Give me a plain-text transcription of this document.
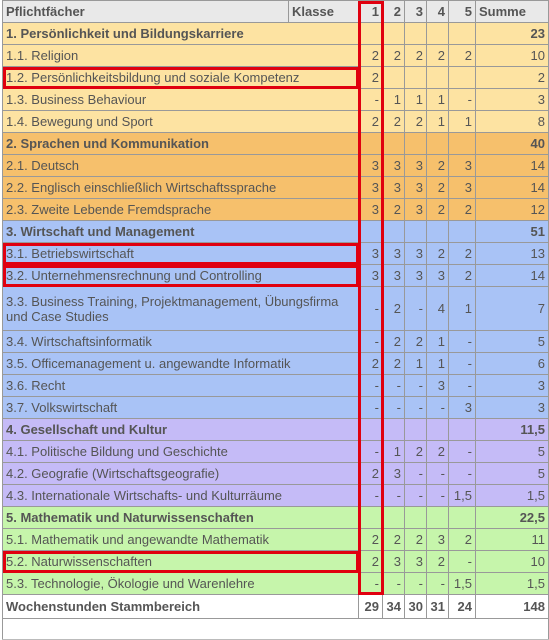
Pflichtfächer	Klasse	1	2	3	4	5	Summe
1. Persönlichkeit und Bildungskarriere							23
1.1. Religion		2	2	2	2	2	10
1.2. Persönlichkeitsbildung und soziale Kompetenz		2					2
1.3. Business Behaviour		-	1	1	1	-	3
1.4. Bewegung und Sport		2	2	2	1	1	8
2. Sprachen und Kommunikation							40
2.1. Deutsch		3	3	3	2	3	14
2.2. Englisch einschließlich Wirtschaftssprache		3	3	3	2	3	14
2.3. Zweite Lebende Fremdsprache		3	2	3	2	2	12
3. Wirtschaft und Management							51
3.1. Betriebswirtschaft		3	3	3	2	2	13
3.2. Unternehmensrechnung und Controlling		3	3	3	3	2	14
3.3. Business Training, Projektmanagement, Übungsfirma und Case Studies		-	2	-	4	1	7
3.4. Wirtschaftsinformatik		-	2	2	1	-	5
3.5. Officemanagement u. angewandte Informatik		2	2	1	1	-	6
3.6. Recht		-	-	-	3	-	3
3.7. Volkswirtschaft		-	-	-	-	3	3
4. Gesellschaft und Kultur							11,5
4.1. Politische Bildung und Geschichte		-	1	2	2	-	5
4.2. Geografie (Wirtschaftsgeografie)		2	3	-	-	-	5
4.3. Internationale Wirtschafts- und Kulturräume		-	-	-	-	1,5	1,5
5. Mathematik und Naturwissenschaften							22,5
5.1. Mathematik und angewandte Mathematik		2	2	2	3	2	11
5.2. Naturwissenschaften		2	3	3	2	-	10
5.3. Technologie, Ökologie und Warenlehre		-	-	-	-	1,5	1,5
Wochenstunden Stammbereich		29	34	30	31	24	148
